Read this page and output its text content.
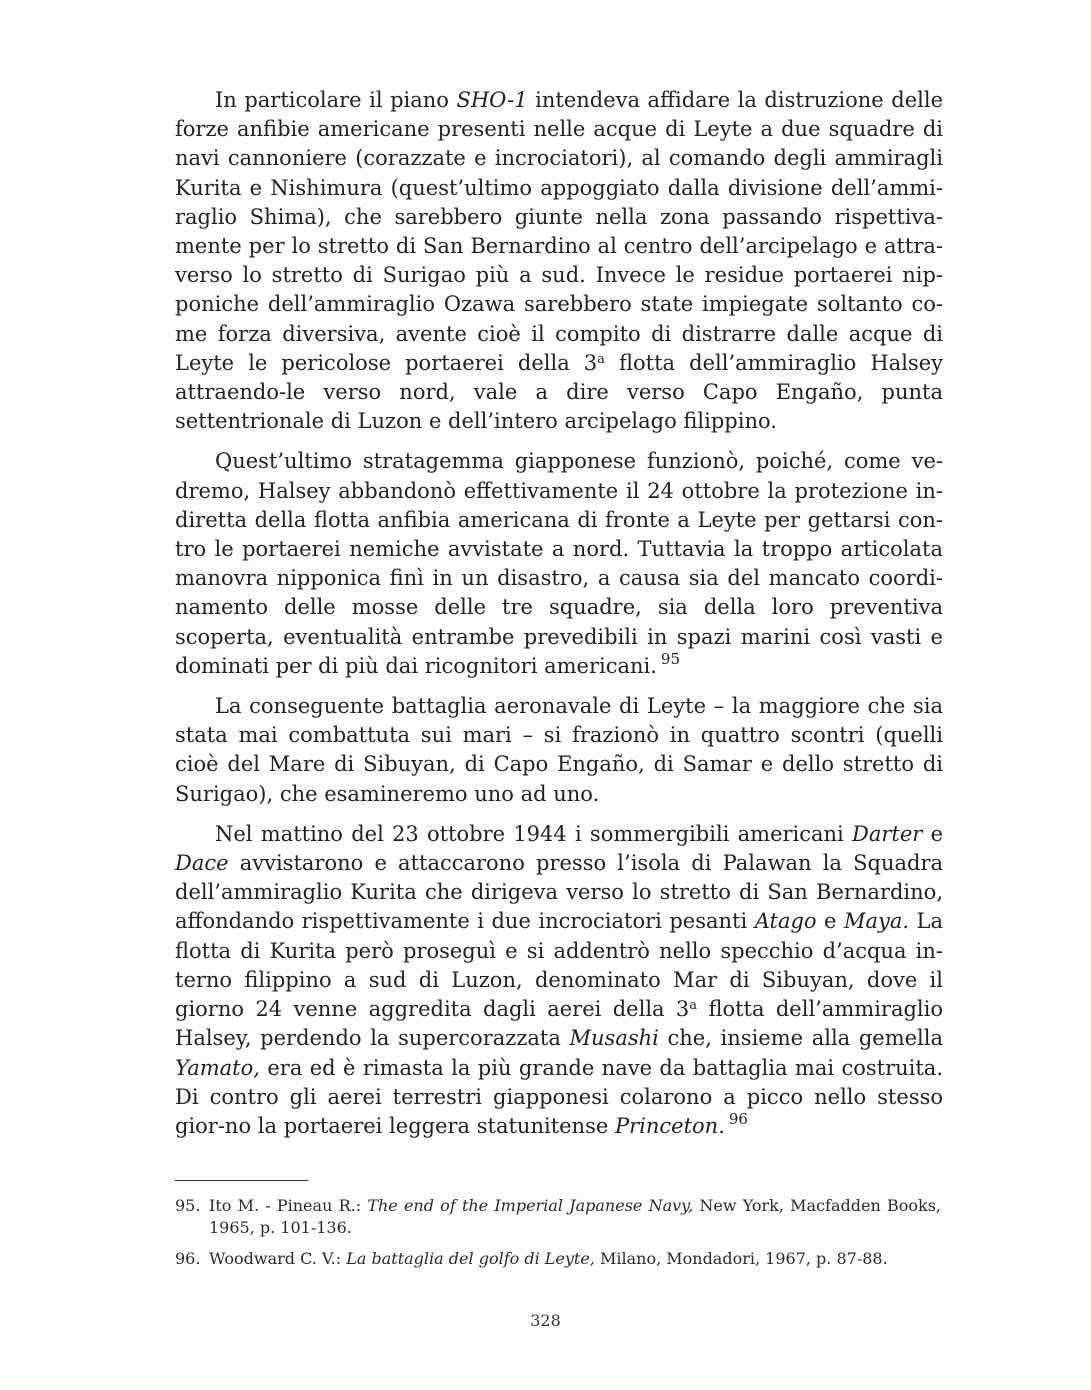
In particolare il piano SHO-1 intendeva affidare la distruzione delle forze anfibie americane presenti nelle acque di Leyte a due squadre di navi cannoniere (corazzate e incrociatori), al comando degli ammiragli Kurita e Nishimura (quest’ultimo appoggiato dalla divisione dell’ammi-raglio Shima), che sarebbero giunte nella zona passando rispettiva-mente per lo stretto di San Bernardino al centro dell’arcipelago e attra-verso lo stretto di Surigao più a sud. Invece le residue portaerei nip-poniche dell’ammiraglio Ozawa sarebbero state impiegate soltanto co-me forza diversiva, avente cioè il compito di distrarre dalle acque di Leyte le pericolose portaerei della 3$^a$ flotta dell’ammiraglio Halsey attraendo-le verso nord, vale a dire verso Capo Engaño, punta settentrionale di Luzon e dell’intero arcipelago filippino.

Quest’ultimo stratagemma giapponese funzionò, poiché, come ve-dremo, Halsey abbandonò effettivamente il 24 ottobre la protezione in-diretta della flotta anfibia americana di fronte a Leyte per gettarsi con-tro le portaerei nemiche avvistate a nord. Tuttavia la troppo articolata manovra nipponica finì in un disastro, a causa sia del mancato coordi-namento delle mosse delle tre squadre, sia della loro preventiva scoperta, eventualità entrambe prevedibili in spazi marini così vasti e dominati per di più dai ricognitori americani. $^{95}$

La conseguente battaglia aeronavale di Leyte – la maggiore che sia stata mai combattuta sui mari – si frazionò in quattro scontri (quelli cioè del Mare di Sibuyan, di Capo Engaño, di Samar e dello stretto di Surigao), che esamineremo uno ad uno.

Nel mattino del 23 ottobre 1944 i sommergibili americani Darter e Dace avvistarono e attaccarono presso l’isola di Palawan la Squadra dell’ammiraglio Kurita che dirigeva verso lo stretto di San Bernardino, affondando rispettivamente i due incrociatori pesanti Atago e Maya. La flotta di Kurita però proseguì e si addentrò nello specchio d’acqua in-terno filippino a sud di Luzon, denominato Mar di Sibuyan, dove il giorno 24 venne aggredita dagli aerei della 3$^a$ flotta dell’ammiraglio Halsey, perdendo la supercorazzata Musashi che, insieme alla gemella Yamato, era ed è rimasta la più grande nave da battaglia mai costruita. Di contro gli aerei terrestri giapponesi colarono a picco nello stesso gior-no la portaerei leggera statunitense Princeton. $^{96}$

95. Ito M. - Pineau R.: The end of the Imperial Japanese Navy, New York, Macfadden Books, 1965, p. 101-136.
96. Woodward C. V.: La battaglia del golfo di Leyte, Milano, Mondadori, 1967, p. 87-88.
328
